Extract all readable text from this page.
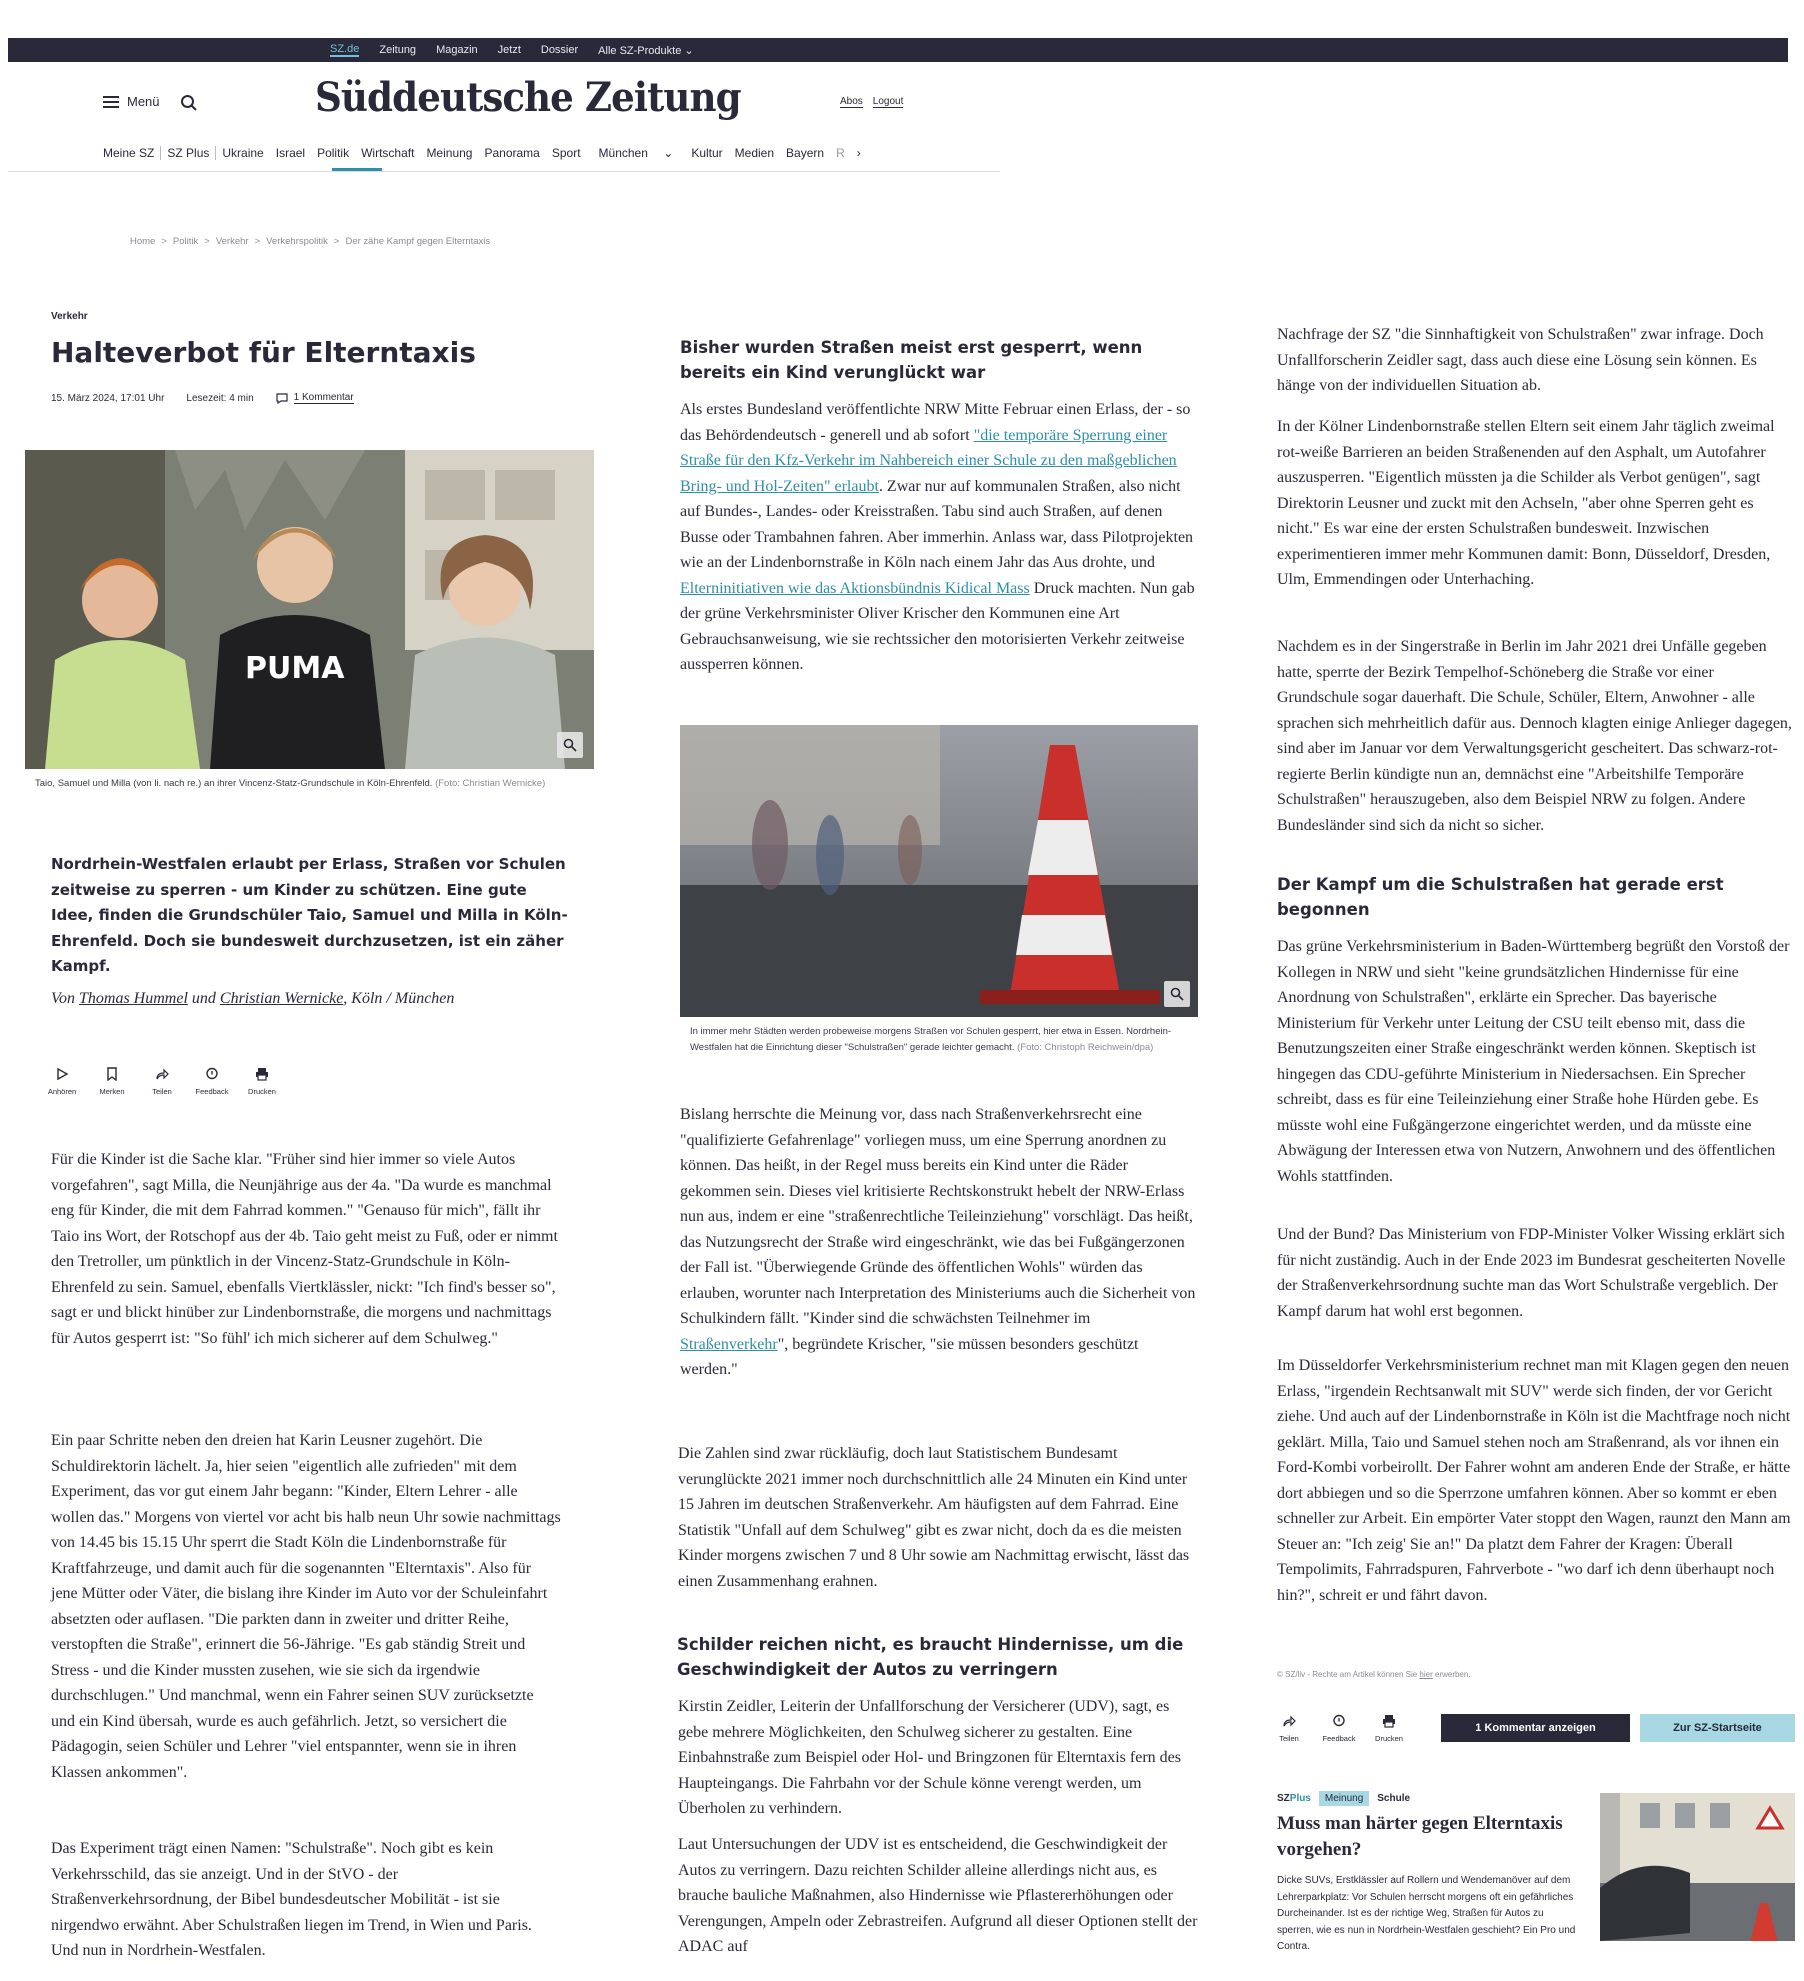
SZ.de Zeitung Magazin Jetzt Dossier Alle SZ-Produkte ⌄
Menü	Süddeutsche Zeitung	Abos Logout
Meine SZ	SZ Plus	Ukraine	Israel	Politik	Wirtschaft	Meinung	Panorama	Sport	München ⌄	Kultur	Medien	Bayern	R	›
Home > Politik > Verkehr > Verkehrspolitik > Der zähe Kampf gegen Elterntaxis
Verkehr
Halteverbot für Elterntaxis
15. März 2024, 17:01 Uhr Lesezeit: 4 min	1 Kommentar
PUMA
Taio, Samuel und Milla (von li. nach re.) an ihrer Vincenz-Statz-Grundschule in Köln-Ehrenfeld. (Foto: Christian Wernicke)

Nordrhein-Westfalen erlaubt per Erlass, Straßen vor Schulen zeitweise zu sperren - um Kinder zu schützen. Eine gute Idee, finden die Grundschüler Taio, Samuel und Milla in Köln-Ehrenfeld. Doch sie bundesweit durchzusetzen, ist ein zäher Kampf.

Von Thomas Hummel und Christian Wernicke, Köln / München
Anhören	Merken	Teilen	Feedback	Drucken

Für die Kinder ist die Sache klar. "Früher sind hier immer so viele Autos vorgefahren", sagt Milla, die Neunjährige aus der 4a. "Da wurde es manchmal eng für Kinder, die mit dem Fahrrad kommen." "Genauso für mich", fällt ihr Taio ins Wort, der Rotschopf aus der 4b. Taio geht meist zu Fuß, oder er nimmt den Tretroller, um pünktlich in der Vincenz-Statz-Grundschule in Köln-Ehrenfeld zu sein. Samuel, ebenfalls Viertklässler, nickt: "Ich find's besser so", sagt er und blickt hinüber zur Lindenbornstraße, die morgens und nachmittags für Autos gesperrt ist: "So fühl' ich mich sicherer auf dem Schulweg."

Ein paar Schritte neben den dreien hat Karin Leusner zugehört. Die Schuldirektorin lächelt. Ja, hier seien "eigentlich alle zufrieden" mit dem Experiment, das vor gut einem Jahr begann: "Kinder, Eltern Lehrer - alle wollen das." Morgens von viertel vor acht bis halb neun Uhr sowie nachmittags von 14.45 bis 15.15 Uhr sperrt die Stadt Köln die Lindenbornstraße für Kraftfahrzeuge, und damit auch für die sogenannten "Elterntaxis". Also für jene Mütter oder Väter, die bislang ihre Kinder im Auto vor der Schuleinfahrt absetzten oder auflasen. "Die parkten dann in zweiter und dritter Reihe, verstopften die Straße", erinnert die 56-Jährige. "Es gab ständig Streit und Stress - und die Kinder mussten zusehen, wie sie sich da irgendwie durchschlugen." Und manchmal, wenn ein Fahrer seinen SUV zurücksetzte und ein Kind übersah, wurde es auch gefährlich. Jetzt, so versichert die Pädagogin, seien Schüler und Lehrer "viel entspannter, wenn sie in ihren Klassen ankommen".

Das Experiment trägt einen Namen: "Schulstraße". Noch gibt es kein Verkehrsschild, das sie anzeigt. Und in der StVO - der Straßenverkehrsordnung, der Bibel bundesdeutscher Mobilität - ist sie nirgendwo erwähnt. Aber Schulstraßen liegen im Trend, in Wien und Paris. Und nun in Nordrhein-Westfalen.

Bisher wurden Straßen meist erst gesperrt, wenn bereits ein Kind verunglückt war

Als erstes Bundesland veröffentlichte NRW Mitte Februar einen Erlass, der - so das Behördendeutsch - generell und ab sofort "die temporäre Sperrung einer Straße für den Kfz-Verkehr im Nahbereich einer Schule zu den maßgeblichen Bring- und Hol-Zeiten" erlaubt. Zwar nur auf kommunalen Straßen, also nicht auf Bundes-, Landes- oder Kreisstraßen. Tabu sind auch Straßen, auf denen Busse oder Trambahnen fahren. Aber immerhin. Anlass war, dass Pilotprojekten wie an der Lindenbornstraße in Köln nach einem Jahr das Aus drohte, und Elterninitiativen wie das Aktionsbündnis Kidical Mass Druck machten. Nun gab der grüne Verkehrsminister Oliver Krischer den Kommunen eine Art Gebrauchsanweisung, wie sie rechtssicher den motorisierten Verkehr zeitweise aussperren können.

In immer mehr Städten werden probeweise morgens Straßen vor Schulen gesperrt, hier etwa in Essen. Nordrhein-Westfalen hat die Einrichtung dieser "Schulstraßen" gerade leichter gemacht. (Foto: Christoph Reichwein/dpa)

Bislang herrschte die Meinung vor, dass nach Straßenverkehrsrecht eine "qualifizierte Gefahrenlage" vorliegen muss, um eine Sperrung anordnen zu können. Das heißt, in der Regel muss bereits ein Kind unter die Räder gekommen sein. Dieses viel kritisierte Rechtskonstrukt hebelt der NRW-Erlass nun aus, indem er eine "straßenrechtliche Teileinziehung" vorschlägt. Das heißt, das Nutzungsrecht der Straße wird eingeschränkt, wie das bei Fußgängerzonen der Fall ist. "Überwiegende Gründe des öffentlichen Wohls" würden das erlauben, worunter nach Interpretation des Ministeriums auch die Sicherheit von Schulkindern fällt. "Kinder sind die schwächsten Teilnehmer im Straßenverkehr", begründete Krischer, "sie müssen besonders geschützt werden."

Die Zahlen sind zwar rückläufig, doch laut Statistischem Bundesamt verunglückte 2021 immer noch durchschnittlich alle 24 Minuten ein Kind unter 15 Jahren im deutschen Straßenverkehr. Am häufigsten auf dem Fahrrad. Eine Statistik "Unfall auf dem Schulweg" gibt es zwar nicht, doch da es die meisten Kinder morgens zwischen 7 und 8 Uhr sowie am Nachmittag erwischt, lässt das einen Zusammenhang erahnen.

Schilder reichen nicht, es braucht Hindernisse, um die Geschwindigkeit der Autos zu verringern

Kirstin Zeidler, Leiterin der Unfallforschung der Versicherer (UDV), sagt, es gebe mehrere Möglichkeiten, den Schulweg sicherer zu gestalten. Eine Einbahnstraße zum Beispiel oder Hol- und Bringzonen für Elterntaxis fern des Haupteingangs. Die Fahrbahn vor der Schule könne verengt werden, um Überholen zu verhindern.

Laut Untersuchungen der UDV ist es entscheidend, die Geschwindigkeit der Autos zu verringern. Dazu reichten Schilder alleine allerdings nicht aus, es brauche bauliche Maßnahmen, also Hindernisse wie Pflastererhöhungen oder Verengungen, Ampeln oder Zebrastreifen. Aufgrund all dieser Optionen stellt der ADAC auf

Nachfrage der SZ "die Sinnhaftigkeit von Schulstraßen" zwar infrage. Doch Unfallforscherin Zeidler sagt, dass auch diese eine Lösung sein können. Es hänge von der individuellen Situation ab.

In der Kölner Lindenbornstraße stellen Eltern seit einem Jahr täglich zweimal rot-weiße Barrieren an beiden Straßenenden auf den Asphalt, um Autofahrer auszusperren. "Eigentlich müssten ja die Schilder als Verbot genügen", sagt Direktorin Leusner und zuckt mit den Achseln, "aber ohne Sperren geht es nicht." Es war eine der ersten Schulstraßen bundesweit. Inzwischen experimentieren immer mehr Kommunen damit: Bonn, Düsseldorf, Dresden, Ulm, Emmendingen oder Unterhaching.

Nachdem es in der Singerstraße in Berlin im Jahr 2021 drei Unfälle gegeben hatte, sperrte der Bezirk Tempelhof-Schöneberg die Straße vor einer Grundschule sogar dauerhaft. Die Schule, Schüler, Eltern, Anwohner - alle sprachen sich mehrheitlich dafür aus. Dennoch klagten einige Anlieger dagegen, sind aber im Januar vor dem Verwaltungsgericht gescheitert. Das schwarz-rot-regierte Berlin kündigte nun an, demnächst eine "Arbeitshilfe Temporäre Schulstraßen" herauszugeben, also dem Beispiel NRW zu folgen. Andere Bundesländer sind sich da nicht so sicher.

Der Kampf um die Schulstraßen hat gerade erst begonnen

Das grüne Verkehrsministerium in Baden-Württemberg begrüßt den Vorstoß der Kollegen in NRW und sieht "keine grundsätzlichen Hindernisse für eine Anordnung von Schulstraßen", erklärte ein Sprecher. Das bayerische Ministerium für Verkehr unter Leitung der CSU teilt ebenso mit, dass die Benutzungszeiten einer Straße eingeschränkt werden können. Skeptisch ist hingegen das CDU-geführte Ministerium in Niedersachsen. Ein Sprecher schreibt, dass es für eine Teileinziehung einer Straße hohe Hürden gebe. Es müsste wohl eine Fußgängerzone eingerichtet werden, und da müsste eine Abwägung der Interessen etwa von Nutzern, Anwohnern und des öffentlichen Wohls stattfinden.

Und der Bund? Das Ministerium von FDP-Minister Volker Wissing erklärt sich für nicht zuständig. Auch in der Ende 2023 im Bundesrat gescheiterten Novelle der Straßenverkehrsordnung suchte man das Wort Schulstraße vergeblich. Der Kampf darum hat wohl erst begonnen.

Im Düsseldorfer Verkehrsministerium rechnet man mit Klagen gegen den neuen Erlass, "irgendein Rechtsanwalt mit SUV" werde sich finden, der vor Gericht ziehe. Und auch auf der Lindenbornstraße in Köln ist die Machtfrage noch nicht geklärt. Milla, Taio und Samuel stehen noch am Straßenrand, als vor ihnen ein Ford-Kombi vorbeirollt. Der Fahrer wohnt am anderen Ende der Straße, er hätte dort abbiegen und so die Sperrzone umfahren können. Aber so kommt er eben schneller zur Arbeit. Ein empörter Vater stoppt den Wagen, raunzt den Mann am Steuer an: "Ich zeig' Sie an!" Da platzt dem Fahrer der Kragen: Überall Tempolimits, Fahrradspuren, Fahrverbote - "wo darf ich denn überhaupt noch hin?", schreit er und fährt davon.

© SZ/liv - Rechte am Artikel können Sie hier erwerben.
Teilen	Feedback	Drucken
1 Kommentar anzeigen	Zur SZ-Startseite
SZPlus	Meinung	Schule
Muss man härter gegen Elterntaxis vorgehen?

Dicke SUVs, Erstklässler auf Rollern und Wendemanöver auf dem Lehrerparkplatz: Vor Schulen herrscht morgens oft ein gefährliches Durcheinander. Ist es der richtige Weg, Straßen für Autos zu sperren, wie es nun in Nordrhein-Westfalen geschieht? Ein Pro und Contra.
